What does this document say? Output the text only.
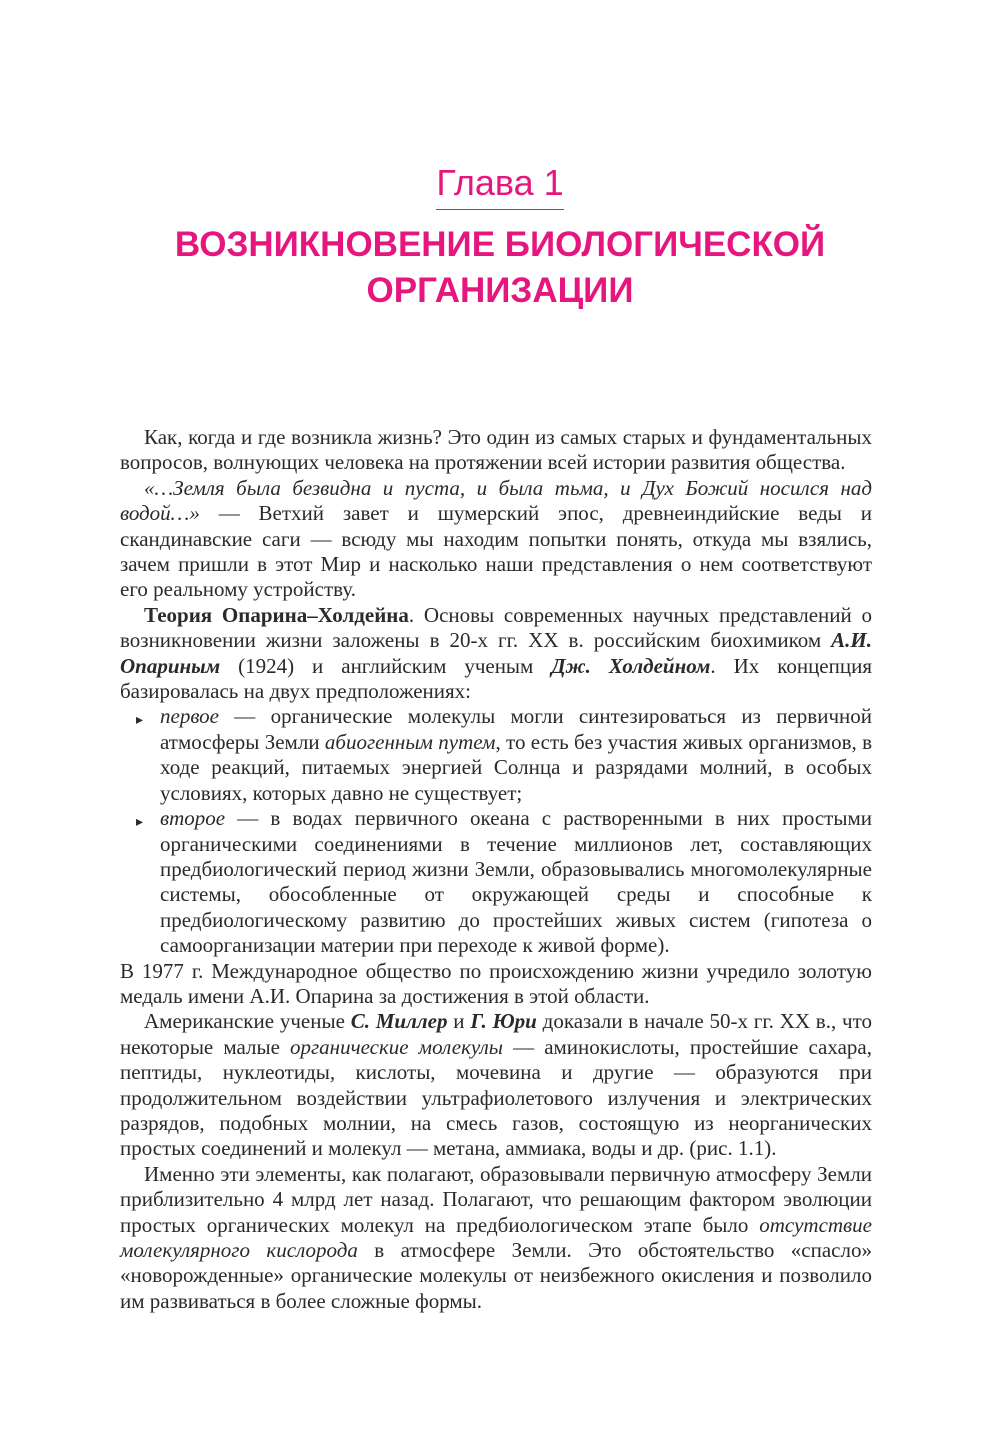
Глава 1
ВОЗНИКНОВЕНИЕ БИОЛОГИЧЕСКОЙ
ОРГАНИЗАЦИИ

Как, когда и где возникла жизнь? Это один из самых старых и фундаментальных вопросов, волнующих человека на протяжении всей истории развития общества.

«…Земля была безвидна и пуста, и была тьма, и Дух Божий носился над водой…» — Ветхий завет и шумерский эпос, древнеиндийские веды и скандинавские саги — всюду мы находим попытки понять, откуда мы взялись, зачем пришли в этот Мир и насколько наши представления о нем соответствуют его реальному устройству.

Теория Опарина–Холдейна. Основы современных научных представлений о возникновении жизни заложены в 20-х гг. XX в. российским биохимиком А.И. Опариным (1924) и английским ученым Дж. Холдейном. Их концепция базировалась на двух предположениях:

▸ первое — органические молекулы могли синтезироваться из первичной атмосферы Земли абиогенным путем, то есть без участия живых организмов, в ходе реакций, питаемых энергией Солнца и разрядами молний, в особых условиях, которых давно не существует;
▸ второе — в водах первичного океана с растворенными в них простыми органическими соединениями в течение миллионов лет, составляющих предбиологический период жизни Земли, образовывались многомолекулярные системы, обособленные от окружающей среды и способные к предбиологическому развитию до простейших живых систем (гипотеза о самоорганизации материи при переходе к живой форме).

В 1977 г. Международное общество по происхождению жизни учредило золотую медаль имени А.И. Опарина за достижения в этой области.

Американские ученые С. Миллер и Г. Юри доказали в начале 50-х гг. XX в., что некоторые малые органические молекулы — аминокислоты, простейшие сахара, пептиды, нуклеотиды, кислоты, мочевина и другие — образуются при продолжительном воздействии ультрафиолетового излучения и электрических разрядов, подобных молнии, на смесь газов, состоящую из неорганических простых соединений и молекул — метана, аммиака, воды и др. (рис. 1.1).

Именно эти элементы, как полагают, образовывали первичную атмосферу Земли приблизительно 4 млрд лет назад. Полагают, что решающим фактором эволюции простых органических молекул на предбиологическом этапе было отсутствие молекулярного кислорода в атмосфере Земли. Это обстоятельство «спасло» «новорожденные» органические молекулы от неизбежного окисления и позволило им развиваться в более сложные формы.
